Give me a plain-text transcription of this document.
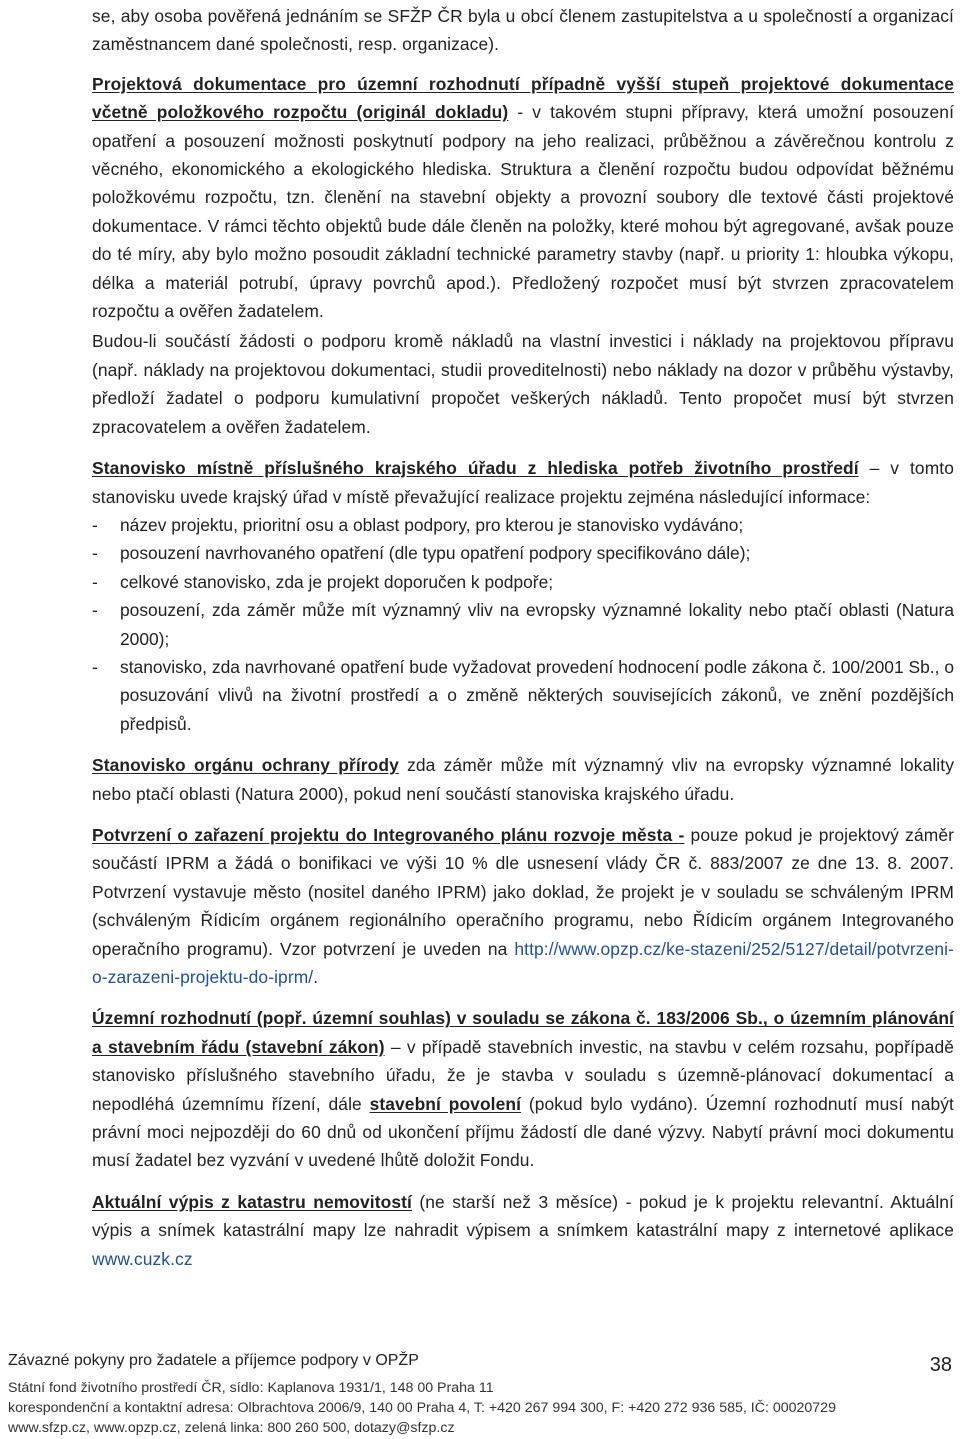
se, aby osoba pověřená jednáním se SFŽP ČR byla u obcí členem zastupitelstva a u společností a organizací zaměstnancem dané společnosti, resp. organizace).

Projektová dokumentace pro územní rozhodnutí případně vyšší stupeň projektové dokumentace včetně položkového rozpočtu (originál dokladu) - v takovém stupni přípravy, která umožní posouzení opatření a posouzení možnosti poskytnutí podpory na jeho realizaci, průběžnou a závěrečnou kontrolu z věcného, ekonomického a ekologického hlediska. Struktura a členění rozpočtu budou odpovídat běžnému položkovému rozpočtu, tzn. členění na stavební objekty a provozní soubory dle textové části projektové dokumentace. V rámci těchto objektů bude dále členěn na položky, které mohou být agregované, avšak pouze do té míry, aby bylo možno posoudit základní technické parametry stavby (např. u priority 1: hloubka výkopu, délka a materiál potrubí, úpravy povrchů apod.). Předložený rozpočet musí být stvrzen zpracovatelem rozpočtu a ověřen žadatelem.

Budou-li součástí žádosti o podporu kromě nákladů na vlastní investici i náklady na projektovou přípravu (např. náklady na projektovou dokumentaci, studii proveditelnosti) nebo náklady na dozor v průběhu výstavby, předloží žadatel o podporu kumulativní propočet veškerých nákladů. Tento propočet musí být stvrzen zpracovatelem a ověřen žadatelem.

Stanovisko místně příslušného krajského úřadu z hlediska potřeb životního prostředí – v tomto stanovisku uvede krajský úřad v místě převažující realizace projektu zejména následující informace:

- název projektu, prioritní osu a oblast podpory, pro kterou je stanovisko vydáváno;
- posouzení navrhovaného opatření (dle typu opatření podpory specifikováno dále);
- celkové stanovisko, zda je projekt doporučen k podpoře;
- posouzení, zda záměr může mít významný vliv na evropsky významné lokality nebo ptačí oblasti (Natura 2000);
- stanovisko, zda navrhované opatření bude vyžadovat provedení hodnocení podle zákona č. 100/2001 Sb., o posuzování vlivů na životní prostředí a o změně některých souvisejících zákonů, ve znění pozdějších předpisů.

Stanovisko orgánu ochrany přírody zda záměr může mít významný vliv na evropsky významné lokality nebo ptačí oblasti (Natura 2000), pokud není součástí stanoviska krajského úřadu.

Potvrzení o zařazení projektu do Integrovaného plánu rozvoje města - pouze pokud je projektový záměr součástí IPRM a žádá o bonifikaci ve výši 10 % dle usnesení vlády ČR č. 883/2007 ze dne 13. 8. 2007. Potvrzení vystavuje město (nositel daného IPRM) jako doklad, že projekt je v souladu se schváleným IPRM (schváleným Řídicím orgánem regionálního operačního programu, nebo Řídicím orgánem Integrovaného operačního programu). Vzor potvrzení je uveden na http://www.opzp.cz/ke-stazeni/252/5127/detail/potvrzeni-o-zarazeni-projektu-do-iprm/.

Územní rozhodnutí (popř. územní souhlas) v souladu se zákona č. 183/2006 Sb., o územním plánování a stavebním řádu (stavební zákon) – v případě stavebních investic, na stavbu v celém rozsahu, popřípadě stanovisko příslušného stavebního úřadu, že je stavba v souladu s územně-plánovací dokumentací a nepodléhá územnímu řízení, dále stavební povolení (pokud bylo vydáno). Územní rozhodnutí musí nabýt právní moci nejpozději do 60 dnů od ukončení příjmu žádostí dle dané výzvy. Nabytí právní moci dokumentu musí žadatel bez vyzvání v uvedené lhůtě doložit Fondu.

Aktuální výpis z katastru nemovitostí (ne starší než 3 měsíce) - pokud je k projektu relevantní. Aktuální výpis a snímek katastrální mapy lze nahradit výpisem a snímkem katastrální mapy z internetové aplikace www.cuzk.cz

Závazné pokyny pro žadatele a příjemce podpory v OPŽP	38
Státní fond životního prostředí ČR, sídlo: Kaplanova 1931/1, 148 00 Praha 11
korespondenční a kontaktní adresa: Olbrachtova 2006/9, 140 00 Praha 4, T: +420 267 994 300, F: +420 272 936 585, IČ: 00020729
www.sfzp.cz, www.opzp.cz, zelená linka: 800 260 500, dotazy@sfzp.cz
